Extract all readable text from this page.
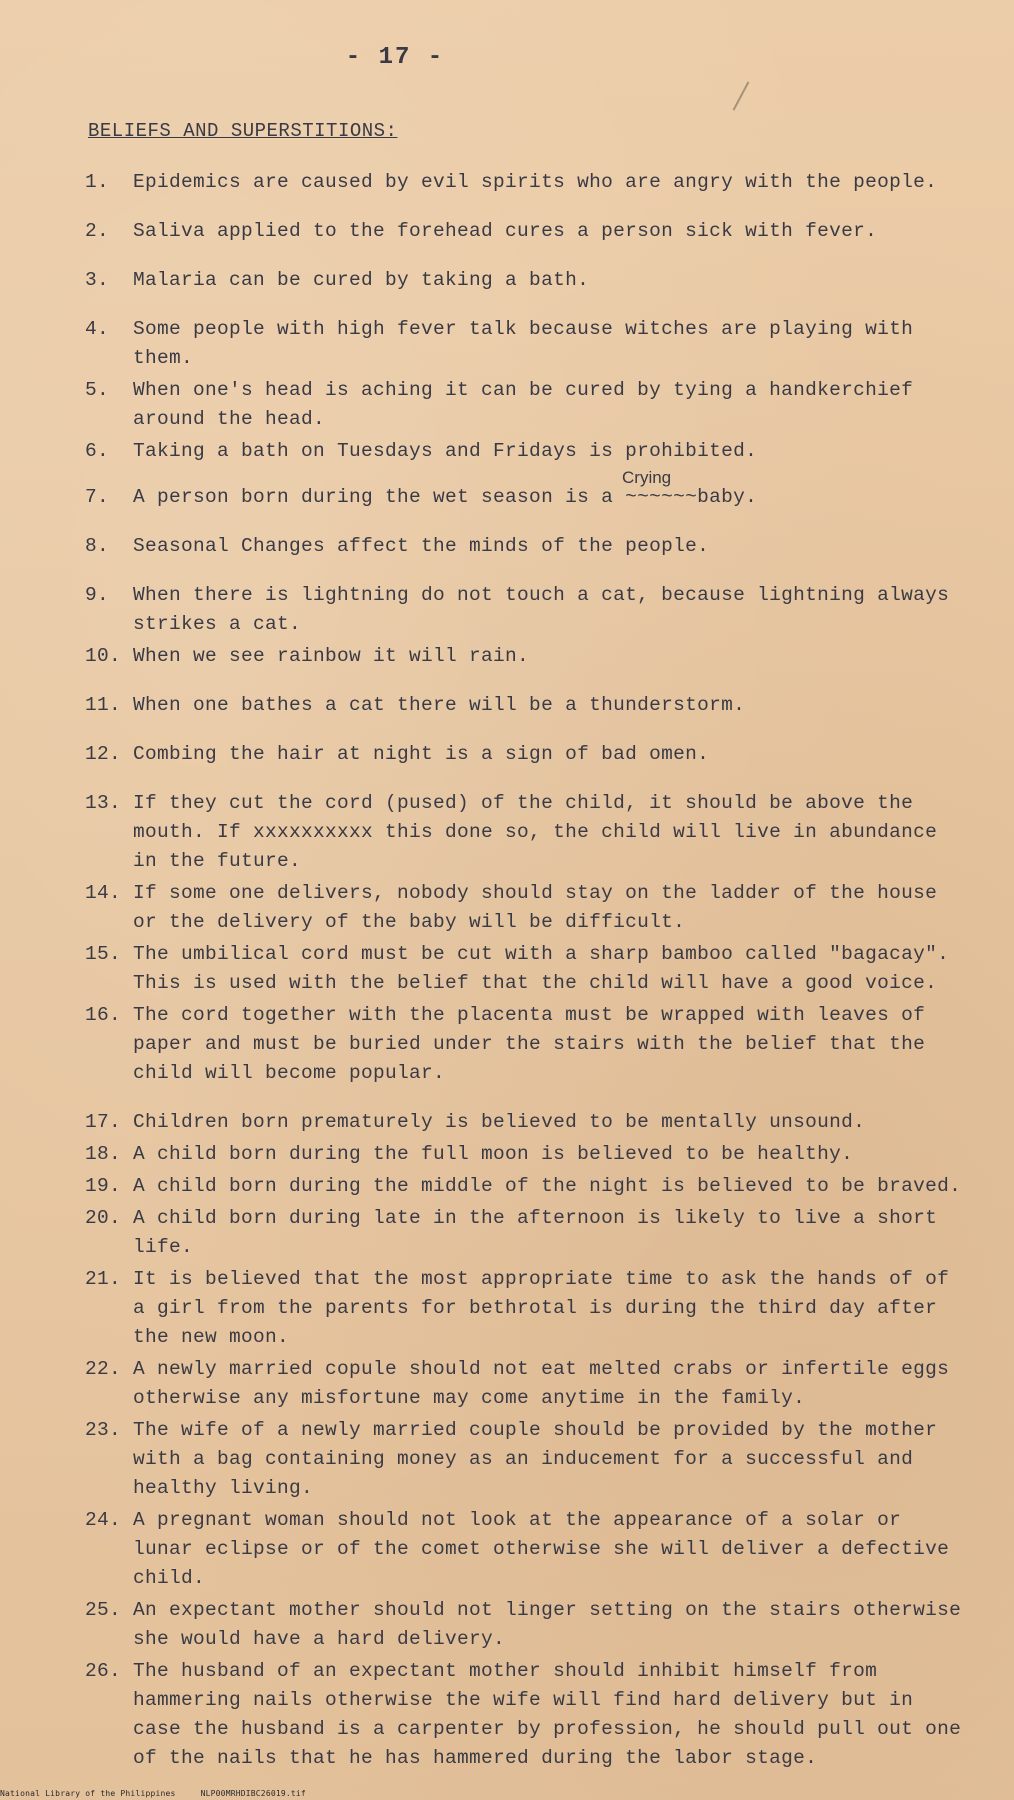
- 17 -
BELIEFS AND SUPERSTITIONS:
Crying
1.	Epidemics are caused by evil spirits who are angry with the people.
2.	Saliva applied to the forehead cures a person sick with fever.
3.	Malaria can be cured by taking a bath.
4.	Some people with high fever talk because witches are playing with them.
5.	When one's head is aching it can be cured by tying a handkerchief around the head.
6.	Taking a bath on Tuesdays and Fridays is prohibited.
7.	A person born during the wet season is a ~~~~~~baby.
8.	Seasonal Changes affect the minds of the people.
9.	When there is lightning do not touch a cat, because lightning always strikes a cat.
10. When we see rainbow it will rain.
11. When one bathes a cat there will be a thunderstorm.
12. Combing the hair at night is a sign of bad omen.
13. If they cut the cord (pused) of the child, it should be above the mouth. If xxxxxxxxxx this done so, the child will live in abundance in the future.
14. If some one delivers, nobody should stay on the ladder of the house or the delivery of the baby will be difficult.
15. The umbilical cord must be cut with a sharp bamboo called "bagacay". This is used with the belief that the child will have a good voice.
16. The cord together with the placenta must be wrapped with leaves of paper and must be buried under the stairs with the belief that the child will become popular.
17. Children born prematurely is believed to be mentally unsound.
18. A child born during the full moon is believed to be healthy.
19. A child born during the middle of the night is believed to be braved.
20. A child born during late in the afternoon is likely to live a short life.
21. It is believed that the most appropriate time to ask the hands of of a girl from the parents for bethrotal is during the third day after the new moon.
22. A newly married copule should not eat melted crabs or infertile eggs otherwise any misfortune may come anytime in the family.
23. The wife of a newly married couple should be provided by the mother with a bag containing money as an inducement for a successful and healthy living.
24. A pregnant woman should not look at the appearance of a solar or lunar eclipse or of the comet otherwise she will deliver a defective child.
25. An expectant mother should not linger setting on the stairs otherwise she would have a hard delivery.
26. The husband of an expectant mother should inhibit himself from hammering nails otherwise the wife will find hard delivery but in case the husband is a carpenter by profession, he should pull out one of the nails that he has hammered during the labor stage.
National Library of the Philippines	NLP00MRHDIBC26019.tif
